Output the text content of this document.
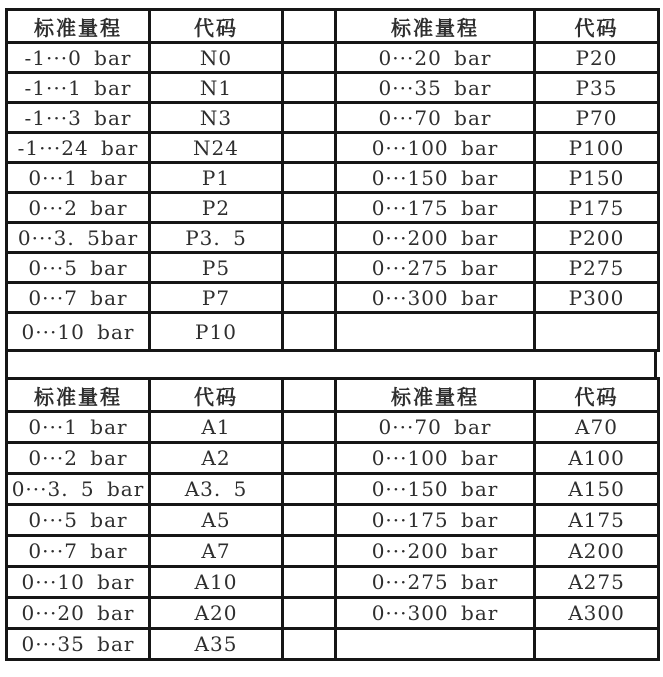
标准量程	代码		标准量程	代码
-1···0 bar	N0		0···20 bar	P20
-1···1 bar	N1		0···35 bar	P35
-1···3 bar	N3		0···70 bar	P70
-1···24 bar	N24		0···100 bar	P100
0···1 bar	P1		0···150 bar	P150
0···2 bar	P2		0···175 bar	P175
0···3. 5bar	P3. 5		0···200 bar	P200
0···5 bar	P5		0···275 bar	P275
0···7 bar	P7		0···300 bar	P300
0···10 bar	P10			
标准量程	代码		标准量程	代码
0···1 bar	A1		0···70 bar	A70
0···2 bar	A2		0···100 bar	A100
0···3. 5 bar	A3. 5		0···150 bar	A150
0···5 bar	A5		0···175 bar	A175
0···7 bar	A7		0···200 bar	A200
0···10 bar	A10		0···275 bar	A275
0···20 bar	A20		0···300 bar	A300
0···35 bar	A35			
